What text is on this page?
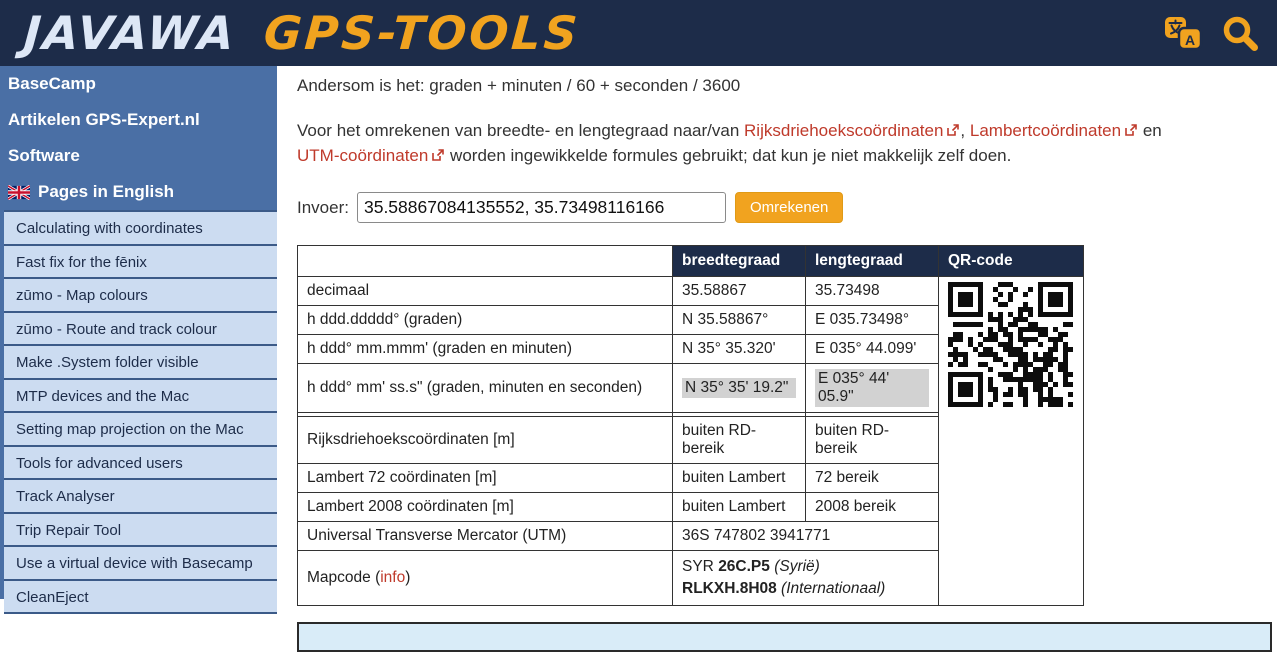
JAVAWA GPS-TOOLS	A
BaseCamp
Artikelen GPS-Expert.nl
Software
Pages in English
Calculating with coordinates
Fast fix for the fēnix
zūmo - Map colours
zūmo - Route and track colour
Make .System folder visible
MTP devices and the Mac
Setting map projection on the Mac
Tools for advanced users
Track Analyser
Trip Repair Tool
Use a virtual device with Basecamp
CleanEject
Andersom is het: graden + minuten / 60 + seconden / 3600
Voor het omrekenen van breedte- en lengtegraad naar/van Rijksdriehoekscoördinaten , Lambertcoördinaten en UTM-coördinaten worden ingewikkelde formules gebruikt; dat kun je niet makkelijk zelf doen.
Invoer:
35.58867084135552, 35.73498116166	Omrekenen
	breedtegraad	lengtegraad	QR-code
decimaal	35.58867	35.73498	
h ddd.ddddd° (graden)	N 35.58867°	E 035.73498°	
h ddd° mm.mmm' (graden en minuten)	N 35° 35.320'	E 035° 44.099'	
h ddd° mm' ss.s" (graden, minuten en seconden)	N 35° 35' 19.2"	E 035° 44' 05.9"	

Rijksdriehoekscoördinaten [m]	buiten RD-bereik	buiten RD-bereik	
Lambert 72 coördinaten [m]	buiten Lambert	72 bereik	
Lambert 2008 coördinaten [m]	buiten Lambert	2008 bereik	
Universal Transverse Mercator (UTM)	36S 747802 3941771		
Mapcode (info)	SYR 26C.P5 (Syrië)
RLKXH.8H08 (Internationaal)		
